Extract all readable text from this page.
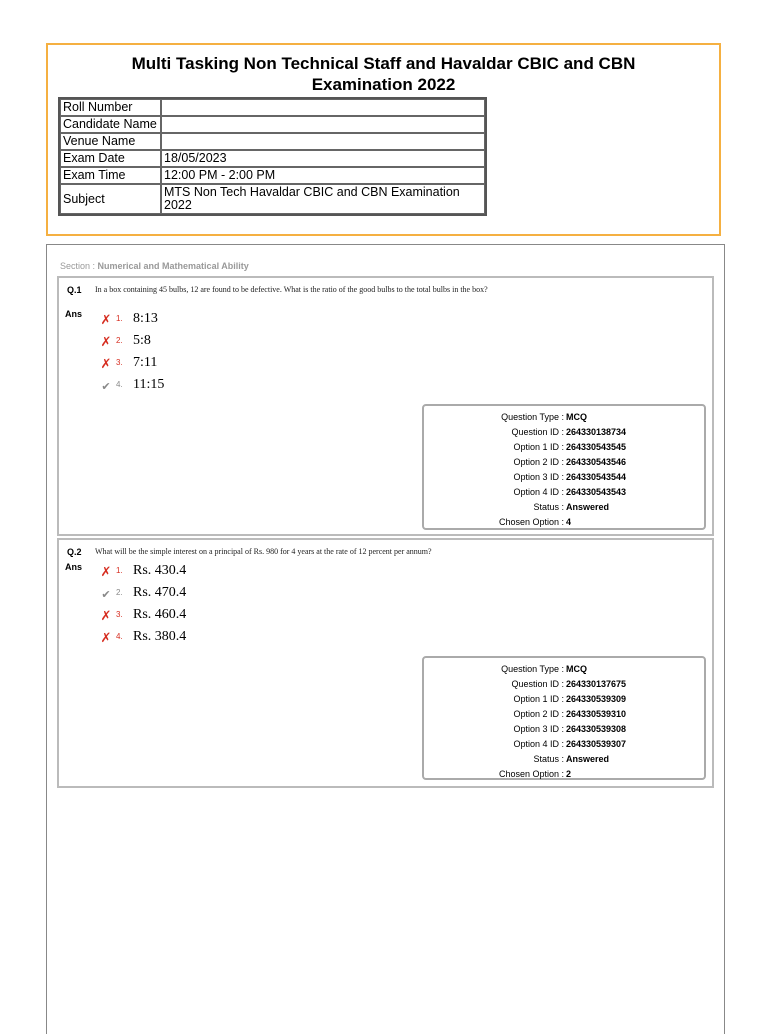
Multi Tasking Non Technical Staff and Havaldar CBIC and CBN Examination 2022
Roll Number	
Candidate Name	
Venue Name	
Exam Date	18/05/2023
Exam Time	12:00 PM - 2:00 PM
Subject	MTS Non Tech Havaldar CBIC and CBN Examination 2022
Section : Numerical and Mathematical Ability
Q.1 In a box containing 45 bulbs, 12 are found to be defective. What is the ratio of the good bulbs to the total bulbs in the box?
Ans ✗ 1. 8:13
✗ 2. 5:8
✗ 3. 7:11
✔ 4. 11:15
Question Type : MCQ
Question ID : 264330138734
Option 1 ID : 264330543545
Option 2 ID : 264330543546
Option 3 ID : 264330543544
Option 4 ID : 264330543543
Status : Answered
Chosen Option : 4
Q.2 What will be the simple interest on a principal of Rs. 980 for 4 years at the rate of 12 percent per annum?
Ans ✗ 1. Rs. 430.4
✔ 2. Rs. 470.4
✗ 3. Rs. 460.4
✗ 4. Rs. 380.4
Question Type : MCQ
Question ID : 264330137675
Option 1 ID : 264330539309
Option 2 ID : 264330539310
Option 3 ID : 264330539308
Option 4 ID : 264330539307
Status : Answered
Chosen Option : 2
